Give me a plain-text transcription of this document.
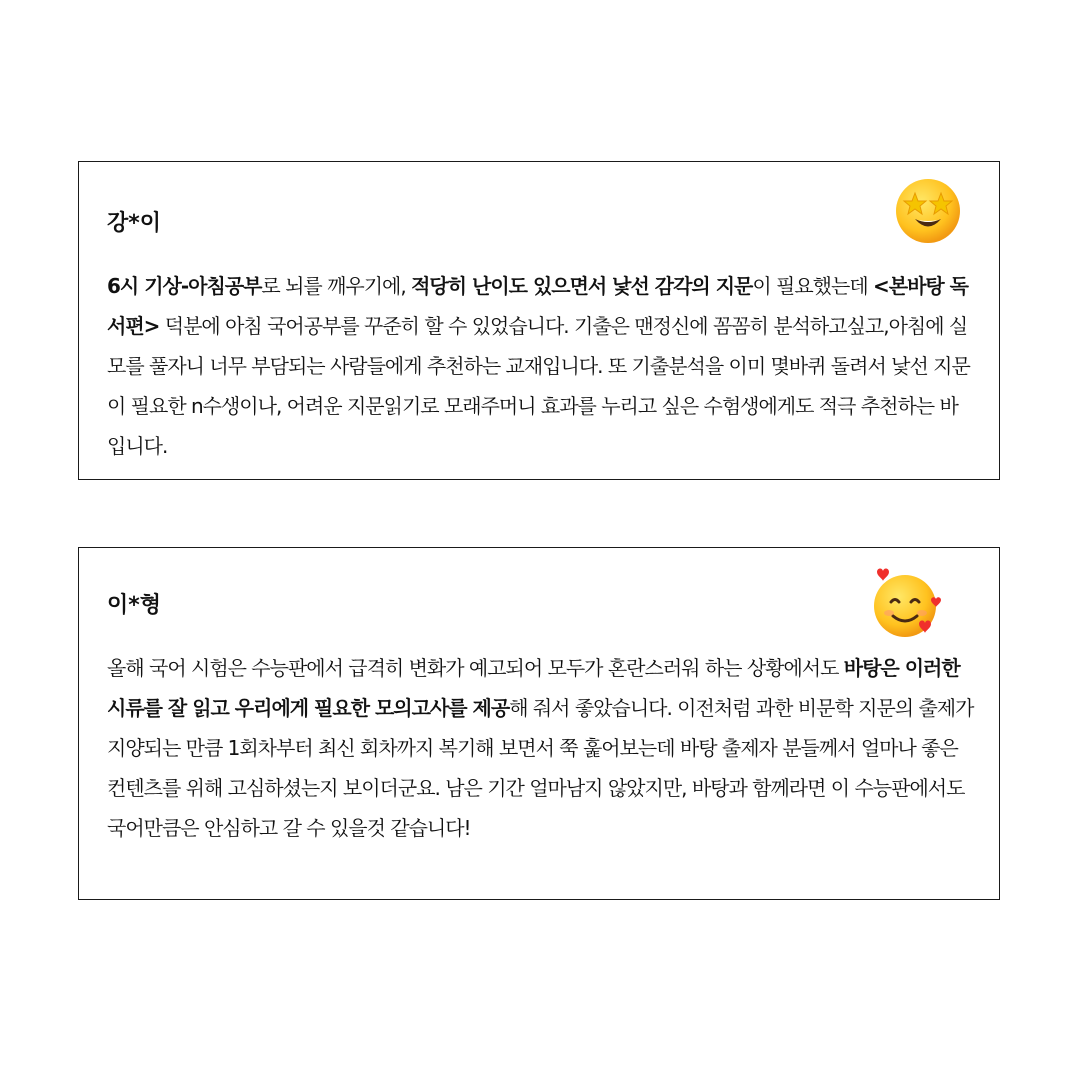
강*이

6시 기상-아침공부로 뇌를 깨우기에, 적당히 난이도 있으면서 낯선 감각의 지문이 필요했는데 <본바탕 독서편> 덕분에 아침 국어공부를 꾸준히 할 수 있었습니다. 기출은 맨정신에 꼼꼼히 분석하고싶고,아침에 실모를 풀자니 너무 부담되는 사람들에게 추천하는 교재입니다. 또 기출분석을 이미 몇바퀴 돌려서 낯선 지문이 필요한 n수생이나, 어려운 지문읽기로 모래주머니 효과를 누리고 싶은 수험생에게도 적극 추천하는 바입니다.

이*형

올해 국어 시험은 수능판에서 급격히 변화가 예고되어 모두가 혼란스러워 하는 상황에서도 바탕은 이러한 시류를 잘 읽고 우리에게 필요한 모의고사를 제공해 줘서 좋았습니다. 이전처럼 과한 비문학 지문의 출제가 지양되는 만큼 1회차부터 최신 회차까지 복기해 보면서 쭉 훑어보는데 바탕 출제자 분들께서 얼마나 좋은 컨텐츠를 위해 고심하셨는지 보이더군요. 남은 기간 얼마남지 않았지만, 바탕과 함께라면 이 수능판에서도 국어만큼은 안심하고 갈 수 있을것 같습니다!
